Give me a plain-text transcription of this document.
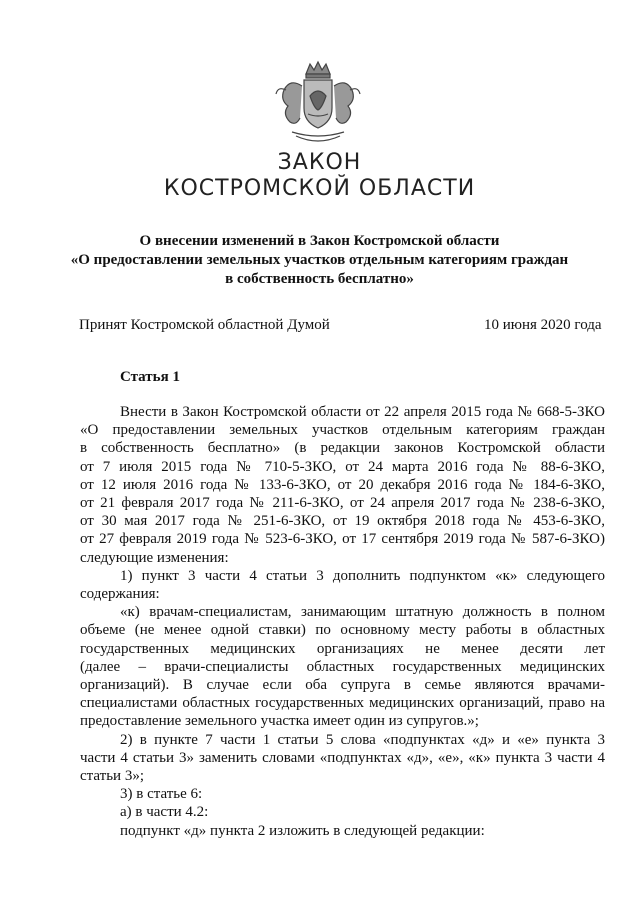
ЗАКОН
КОСТРОМСКОЙ ОБЛАСТИ
О внесении изменений в Закон Костромской области
«О предоставлении земельных участков отдельным категориям граждан
в собственность бесплатно»
Принят Костромской областной Думой	10 июня 2020 года
Статья 1
Внести в Закон Костромской области от 22 апреля 2015 года № 668-5-ЗКО
«О предоставлении земельных участков отдельным категориям граждан
в собственность бесплатно» (в редакции законов Костромской области
от 7 июля 2015 года № 710-5-ЗКО, от 24 марта 2016 года № 88-6-ЗКО,
от 12 июля 2016 года № 133-6-ЗКО, от 20 декабря 2016 года № 184-6-ЗКО,
от 21 февраля 2017 года № 211-6-ЗКО, от 24 апреля 2017 года № 238-6-ЗКО,
от 30 мая 2017 года № 251-6-ЗКО, от 19 октября 2018 года № 453-6-ЗКО,
от 27 февраля 2019 года № 523-6-ЗКО, от 17 сентября 2019 года № 587-6-ЗКО)
следующие изменения:
1) пункт 3 части 4 статьи 3 дополнить подпунктом «к» следующего
содержания:
«к) врачам-специалистам, занимающим штатную должность в полном
объеме (не менее одной ставки) по основному месту работы в областных
государственных медицинских организациях не менее десяти лет
(далее – врачи-специалисты областных государственных медицинских
организаций). В случае если оба супруга в семье являются врачами-
специалистами областных государственных медицинских организаций, право на
предоставление земельного участка имеет один из супругов.»;
2) в пункте 7 части 1 статьи 5 слова «подпунктах «д» и «е» пункта 3
части 4 статьи 3» заменить словами «подпунктах «д», «е», «к» пункта 3 части 4
статьи 3»;
3) в статье 6:
а) в части 4.2:
подпункт «д» пункта 2 изложить в следующей редакции:
